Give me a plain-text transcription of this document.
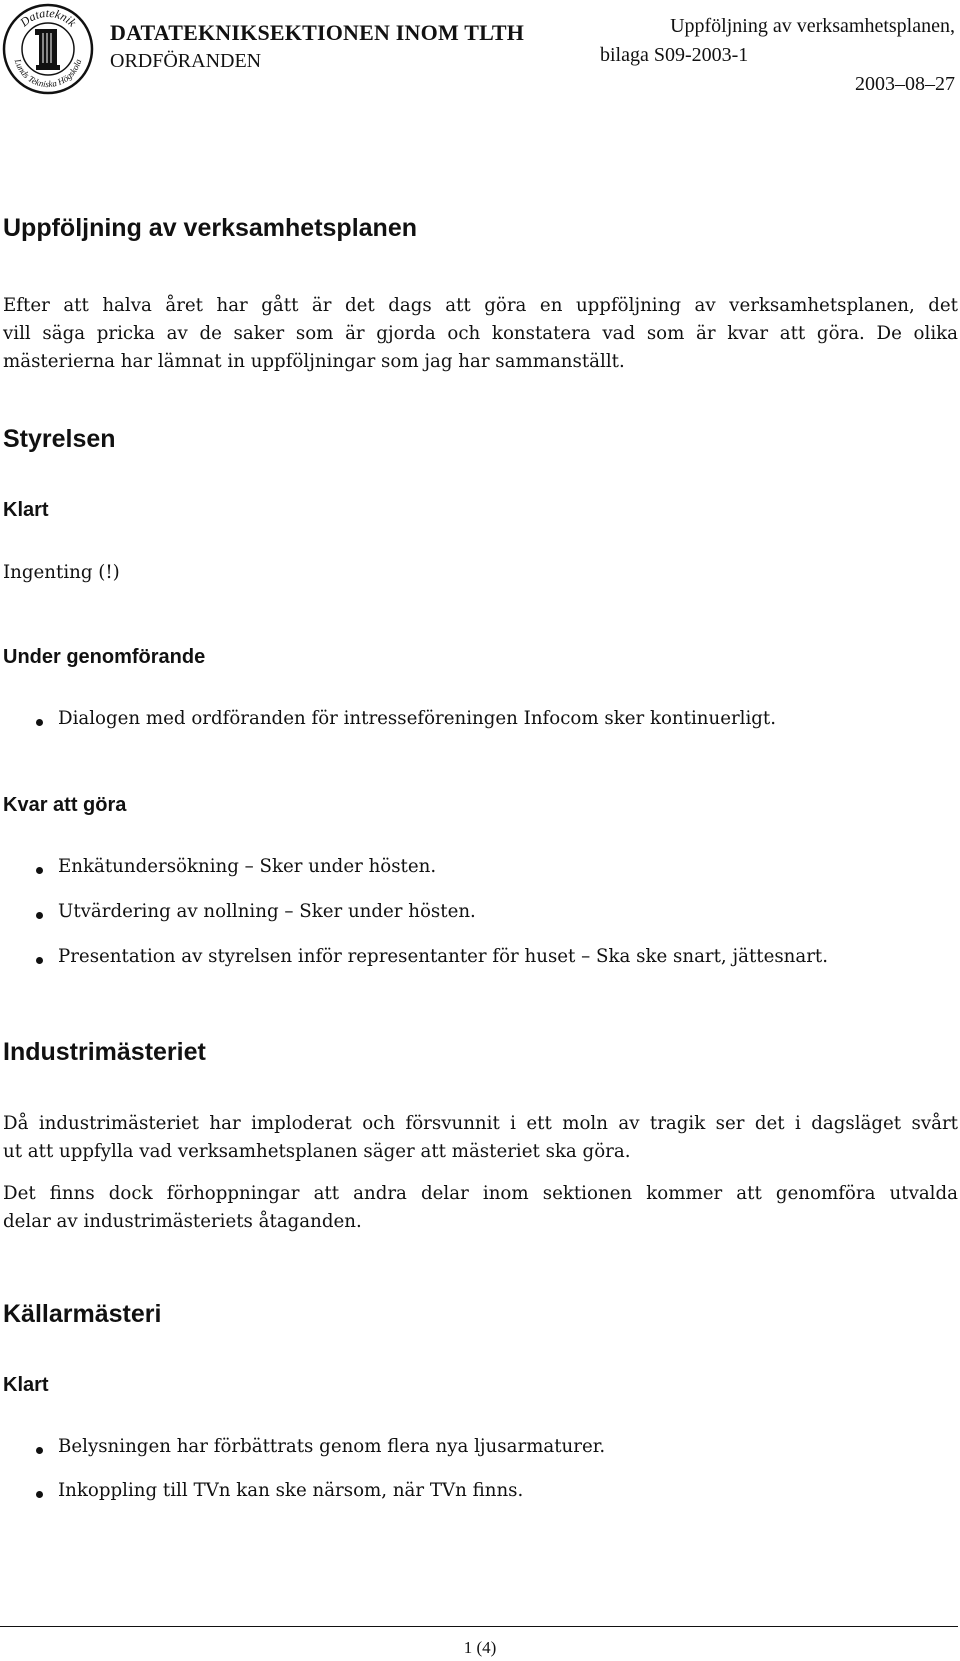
Datateknik
Lunds Tekniska Högskola
DATATEKNIKSEKTIONEN INOM TLTH
ORDFÖRANDEN
Uppföljning av verksamhetsplanen,
bilaga S09-2003-1
2003–08–27
Uppföljning av verksamhetsplanen
Efter att halva året har gått är det dags att göra en uppföljning av verksamhetsplanen, det
vill säga pricka av de saker som är gjorda och konstatera vad som är kvar att göra. De olika
mästerierna har lämnat in uppföljningar som jag har sammanställt.
Styrelsen
Klart
Ingenting (!)
Under genomförande
Dialogen med ordföranden för intresseföreningen Infocom sker kontinuerligt.
Kvar att göra
Enkätundersökning – Sker under hösten.
Utvärdering av nollning – Sker under hösten.
Presentation av styrelsen inför representanter för huset – Ska ske snart, jättesnart.
Industrimästeriet
Då industrimästeriet har imploderat och försvunnit i ett moln av tragik ser det i dagsläget svårt
ut att uppfylla vad verksamhetsplanen säger att mästeriet ska göra.
Det finns dock förhoppningar att andra delar inom sektionen kommer att genomföra utvalda
delar av industrimästeriets åtaganden.
Källarmästeri
Klart
Belysningen har förbättrats genom flera nya ljusarmaturer.
Inkoppling till TVn kan ske närsom, när TVn finns.
1 (4)
